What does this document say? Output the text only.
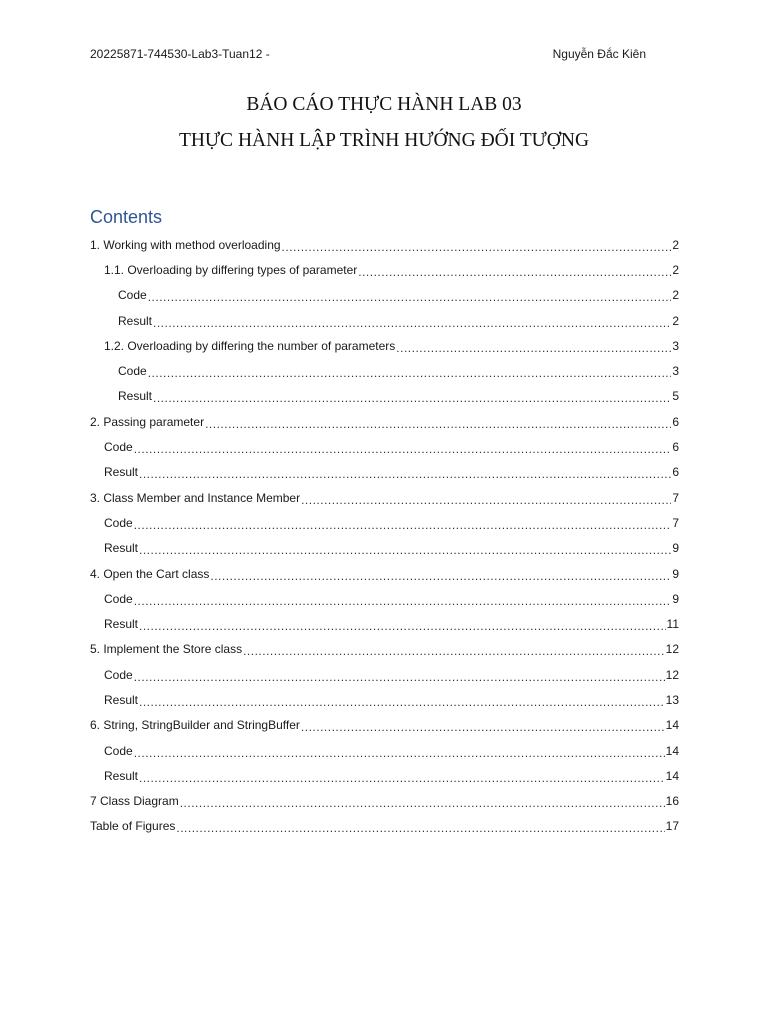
20225871-744530-Lab3-Tuan12 -	Nguyễn Đắc Kiên
BÁO CÁO THỰC HÀNH LAB 03
THỰC HÀNH LẬP TRÌNH HƯỚNG ĐỐI TƯỢNG
Contents
1. Working with method overloading .....	2
1.1. Overloading by differing types of parameter .....	2
Code .....	2
Result .....	2
1.2. Overloading by differing the number of parameters .....	3
Code .....	3
Result .....	5
2. Passing parameter .....	6
Code .....	6
Result .....	6
3. Class Member and Instance Member .....	7
Code .....	7
Result .....	9
4. Open the Cart class .....	9
Code .....	9
Result .....	11
5. Implement the Store class .....	12
Code .....	12
Result .....	13
6. String, StringBuilder and StringBuffer .....	14
Code .....	14
Result .....	14
7 Class Diagram .....	16
Table of Figures .....	17
